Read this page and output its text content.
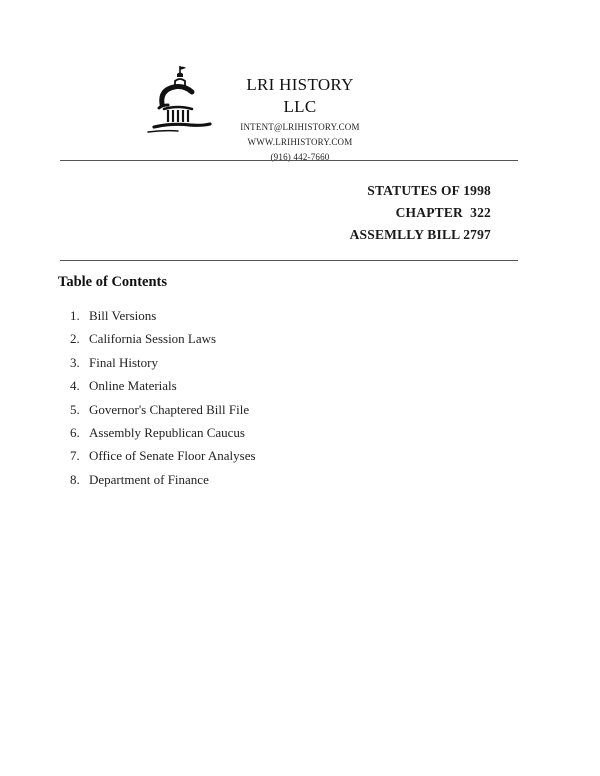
LRI HISTORY LLC
INTENT@LRIHISTORY.COM
WWW.LRIHISTORY.COM
(916) 442-7660
STATUTES OF 1998
CHAPTER  322
ASSEMLLY BILL 2797
Table of Contents
1. Bill Versions
2. California Session Laws
3. Final History
4. Online Materials
5. Governor's Chaptered Bill File
6. Assembly Republican Caucus
7. Office of Senate Floor Analyses
8. Department of Finance
